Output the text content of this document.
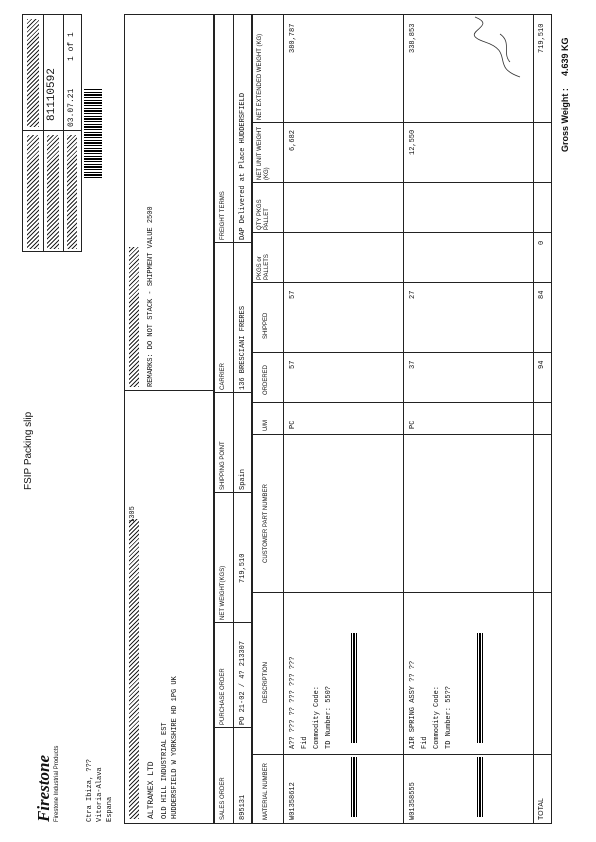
FSIP Packing slip
Firestone Firestone Industrial Products	Ctra Ibiza, ??? Vitoria-Alava Espana
81110592 03.07.21
1 of 1
1305
ALTRAMEX LTD OLD HILL INDUSTRIAL EST HUDDERSFIELD W YORKSHIRE HD 1PG UK
REMARKS: DO NOT STACK - SHIPMENT VALUE 2500
SALES ORDER
PURCHASE ORDER
NET WEIGHT(KGS)
SHIPPING POINT
CARRIER
FREIGHT TERMS
895131
PO 21-02 / 4? 213307
719,510
Spain
136 BRESCIANI FRERES
DAP Delivered at Place HUDDERSFIELD
MATERIAL NUMBER
DESCRIPTION
CUSTOMER PART NUMBER
U/M
ORDERED
SHIPPED
PKGS or PALLETS
QTY PKGS PALLET
NET UNIT WEIGHT (KG)
NET EXTENDED WEIGHT (KG)
W01358612
A?? ??? ?? ??? ??? ??? Fid Commodity Code: TD Number: 550?
PC
57
57
6,682
380,787
W01358555
AIR SPRING ASSY ?? ?? Fid Commodity Code: TD Number: 55??
PC
37
27
12,550
338,853
TOTAL
94
84
0
719,510
Gross Weight :
4.639 KG
